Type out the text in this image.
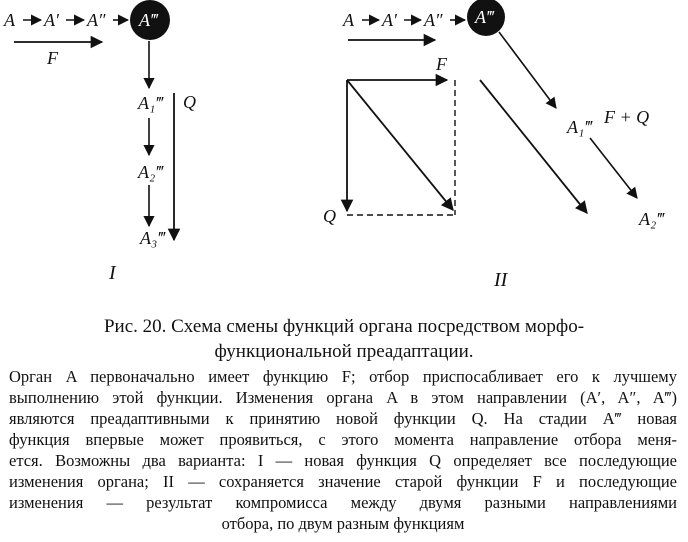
A A′ A″ A‴
F
A₁‴
A₂‴
A₃‴
Q
I
A A′ A″ A‴
A₁‴ F + Q
A₂‴
F
Q
II
Рис. 20. Схема смены функций органа посредством морфо-
функциональной преадаптации.
Орган A первоначально имеет функцию F; отбор приспосабливает его к лучшему
выполнению этой функции. Изменения органа A в этом направлении (A′, A″, A‴)
являются преадаптивными к принятию новой функции Q. На стадии A‴ новая
функция впервые может проявиться, с этого момента направление отбора меня-
ется. Возможны два варианта: I — новая функция Q определяет все последующие
изменения органа; II — сохраняется значение старой функции F и последующие
изменения — результат компромисса между двумя разными направлениями
отбора, по двум разным функциям
